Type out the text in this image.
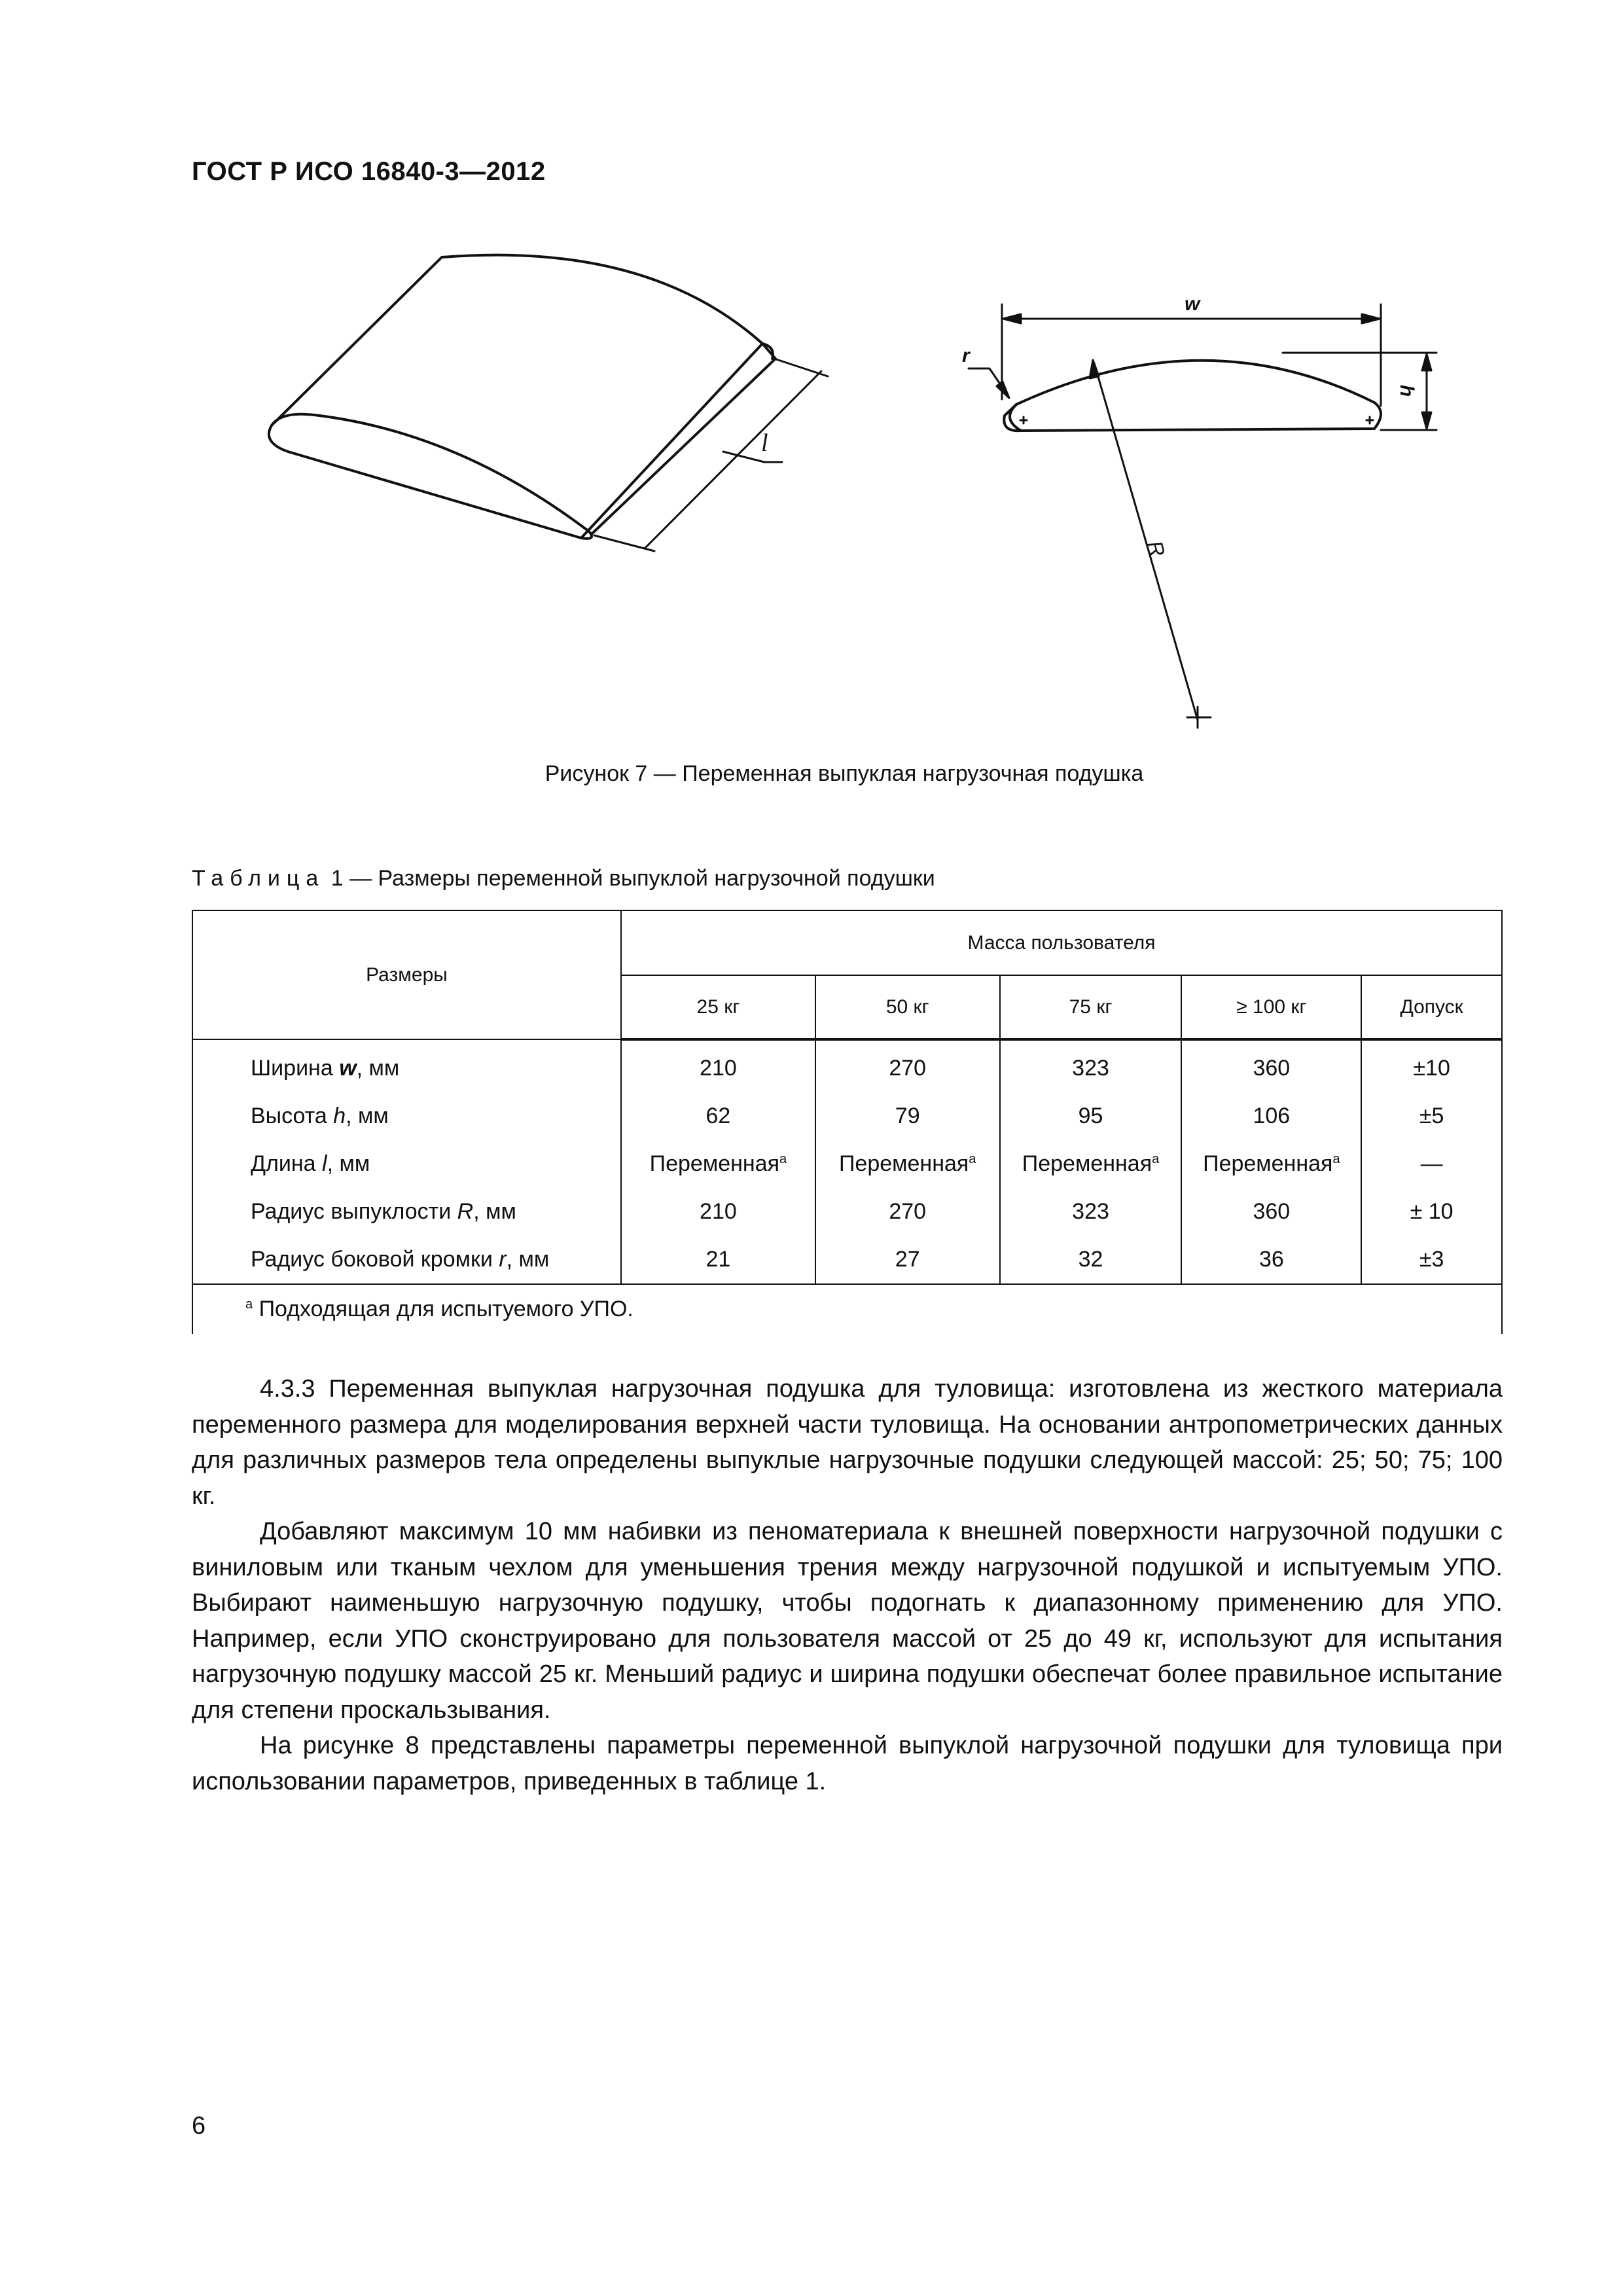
ГОСТ Р ИСО 16840-3—2012
l
w
r
h
R
Рисунок 7 — Переменная выпуклая нагрузочная подушка
Таблица 1 — Размеры переменной выпуклой нагрузочной подушки
Размеры	Масса пользователя				
	25 кг	50 кг	75 кг	≥ 100 кг	Допуск
Ширина w, мм	210	270	323	360	±10
Высота h, мм	62	79	95	106	±5
Длина l, мм	Переменная$^a$	Переменная$^a$	Переменная$^a$	Переменная$^a$	—
Радиус выпуклости R, мм	210	270	323	360	± 10
Радиус боковой кромки r, мм	21	27	32	36	±3
$^a$ Подходящая для испытуемого УПО.					

4.3.3 Переменная выпуклая нагрузочная подушка для туловища: изготовлена из жесткого материала переменного размера для моделирования верхней части туловища. На основании антропометрических данных для различных размеров тела определены выпуклые нагрузочные подушки следующей массой: 25; 50; 75; 100 кг.

Добавляют максимум 10 мм набивки из пеноматериала к внешней поверхности нагрузочной подушки с виниловым или тканым чехлом для уменьшения трения между нагрузочной подушкой и испытуемым УПО. Выбирают наименьшую нагрузочную подушку, чтобы подогнать к диапазонному применению для УПО. Например, если УПО сконструировано для пользователя массой от 25 до 49 кг, используют для испытания нагрузочную подушку массой 25 кг. Меньший радиус и ширина подушки обеспечат более правильное испытание для степени проскальзывания.

На рисунке 8 представлены параметры переменной выпуклой нагрузочной подушки для туловища при использовании параметров, приведенных в таблице 1.

6
